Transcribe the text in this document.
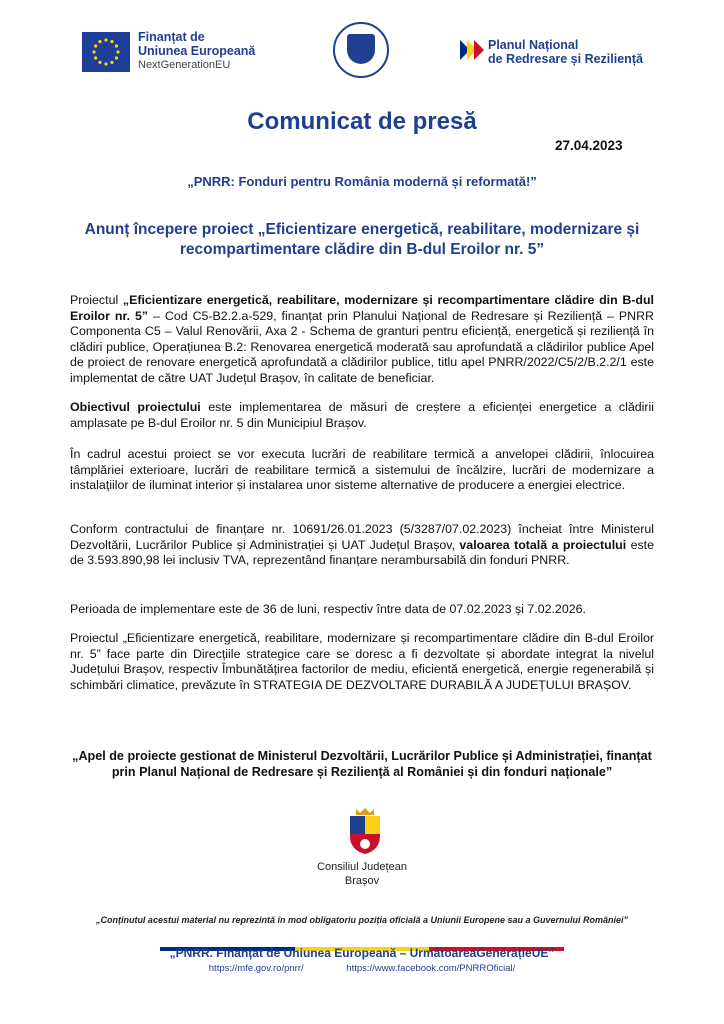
Finanțat de
Uniunea Europeană
NextGenerationEU
Planul Național
de Redresare și Reziliență
Comunicat de presă
27.04.2023
„PNRR: Fonduri pentru România modernă și reformată!”
Anunț începere proiect „Eficientizare energetică, reabilitare, modernizare și recompartimentare clădire din B-dul Eroilor nr. 5”
Proiectul „Eficientizare energetică, reabilitare, modernizare și recompartimentare clădire din B-dul Eroilor nr. 5” – Cod C5-B2.2.a-529, finanțat prin Planului Național de Redresare și Reziliență – PNRR Componenta C5 – Valul Renovării, Axa 2 - Schema de granturi pentru eficiență, energetică și reziliență în clădiri publice, Operațiunea B.2: Renovarea energetică moderată sau aprofundată a clădirilor publice Apel de proiect de renovare energetică aprofundată a clădirilor publice, titlu apel PNRR/2022/C5/2/B.2.2/1 este implementat de către UAT Județul Brașov, în calitate de beneficiar.
Obiectivul proiectului este implementarea de măsuri de creștere a eficienței energetice a clădirii amplasate pe B-dul Eroilor nr. 5 din Municipiul Brașov.
În cadrul acestui proiect se vor executa lucrări de reabilitare termică a anvelopei clădirii, înlocuirea tâmplăriei exterioare, lucrări de reabilitare termică a sistemului de încălzire, lucrări de modernizare a instalațiilor de iluminat interior și instalarea unor sisteme alternative de producere a energiei electrice.
Conform contractului de finanțare nr. 10691/26.01.2023 (5/3287/07.02.2023) încheiat între Ministerul Dezvoltării, Lucrărilor Publice și Administrației și UAT Județul Brașov, valoarea totală a proiectului este de 3.593.890,98 lei inclusiv TVA, reprezentând finanțare nerambursabilă din fonduri PNRR.
Perioada de implementare este de 36 de luni, respectiv între data de 07.02.2023 și 7.02.2026.
Proiectul „Eficientizare energetică, reabilitare, modernizare și recompartimentare clădire din B-dul Eroilor nr. 5” face parte din Direcțiile strategice care se doresc a fi dezvoltate și abordate integrat la nivelul Județului Brașov, respectiv Îmbunătățirea factorilor de mediu, eficientă energetică, energie regenerabilă și schimbări climatice, prevăzute în STRATEGIA DE DEZVOLTARE DURABILĂ A JUDEȚULUI BRAȘOV.
„Apel de proiecte gestionat de Ministerul Dezvoltării, Lucrărilor Publice și Administrației, finanțat prin Planul Național de Redresare și Reziliență al României și din fonduri naționale”
Consiliul Județean
Brașov
„Conținutul acestui material nu reprezintă în mod obligatoriu poziția oficială a Uniunii Europene sau a Guvernului României”
„PNRR. Finanțat de Uniunea Europeană – UrmătoareaGenerațieUE”
https://mfe.gov.ro/pnrr/	https://www.facebook.com/PNRROficial/
